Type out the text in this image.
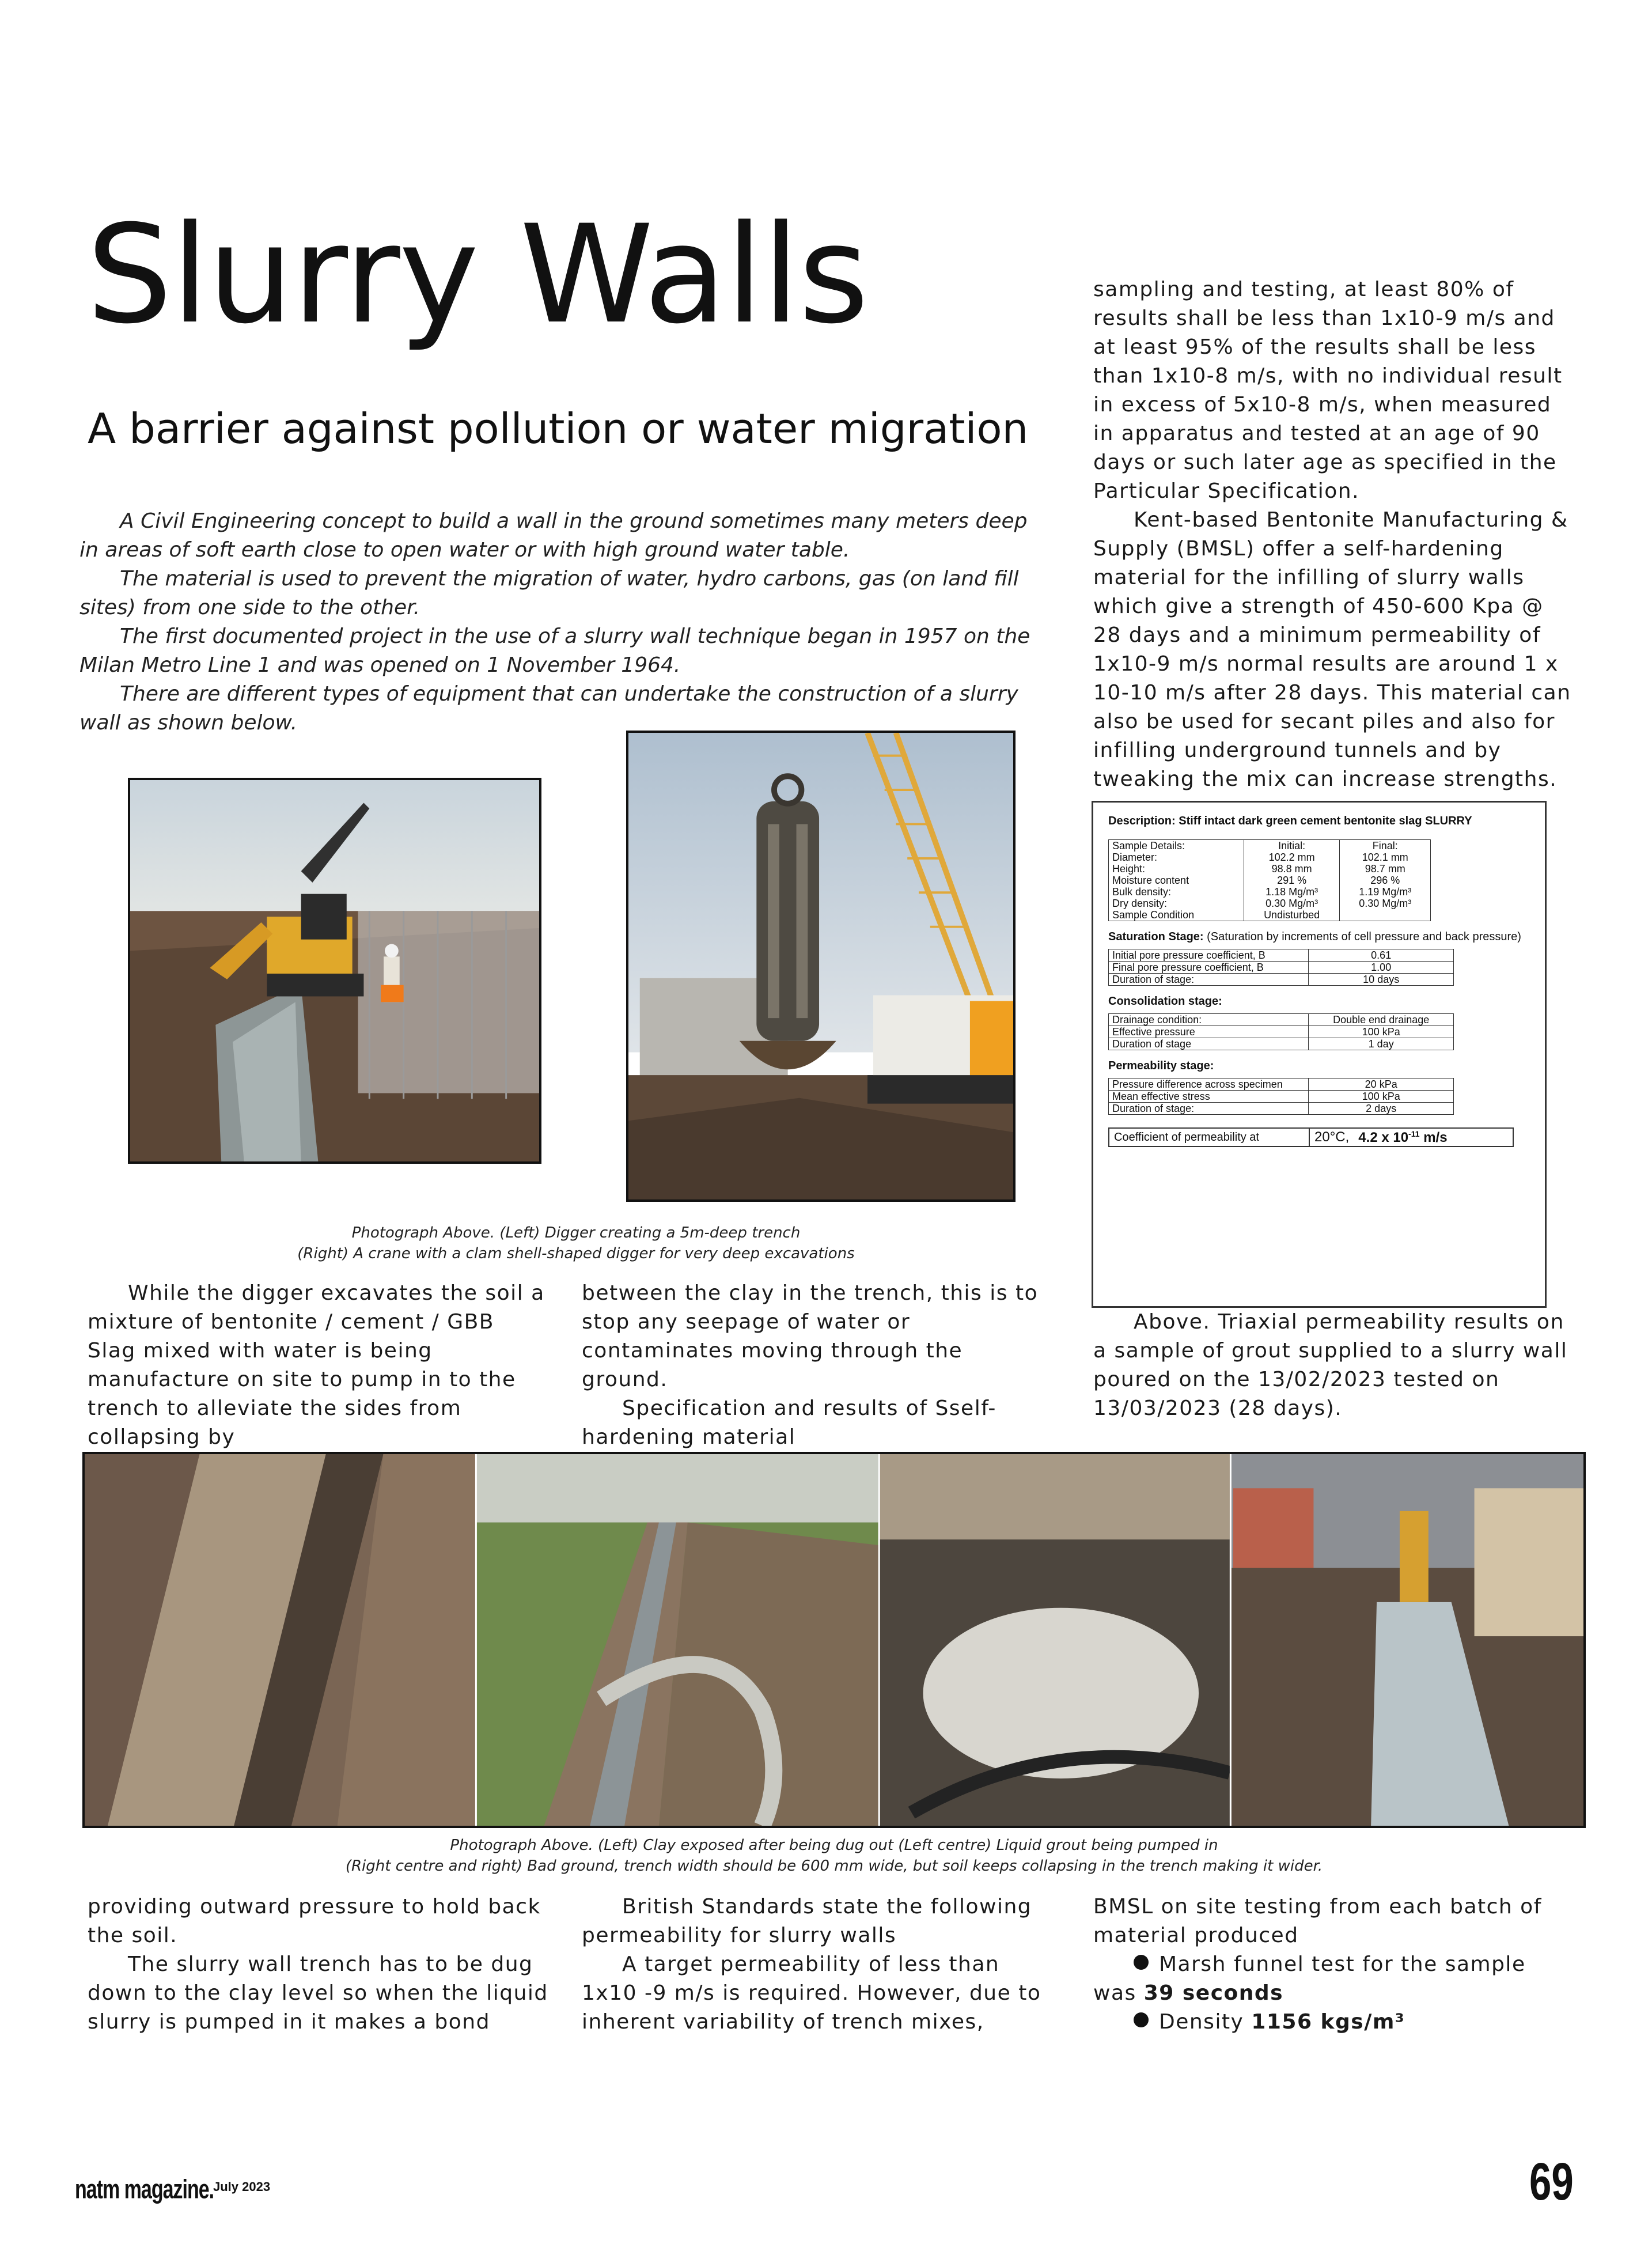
Slurry Walls
A barrier against pollution or water migration

A Civil Engineering concept to build a wall in the ground sometimes many meters deep in areas of soft earth close to open water or with high ground water table.

The material is used to prevent the migration of water, hydro carbons, gas (on land fill sites) from one side to the other.

The first documented project in the use of a slurry wall technique began in 1957 on the Milan Metro Line 1 and was opened on 1 November 1964.

There are different types of equipment that can undertake the construction of a slurry wall as shown below.

sampling and testing, at least 80% of results shall be less than 1x10-9 m/s and at least 95% of the results shall be less than 1x10-8 m/s, with no individual result in excess of 5x10-8 m/s, when measured in apparatus and tested at an age of 90 days or such later age as specified in the Particular Specification.

Kent-based Bentonite Manufacturing & Supply (BMSL) offer a self-hardening material for the infilling of slurry walls which give a strength of 450-600 Kpa @ 28 days and a minimum permeability of 1x10-9 m/s normal results are around 1 x 10-10 m/s after 28 days. This material can also be used for secant piles and also for infilling underground tunnels and by tweaking the mix can increase strengths.

Photograph Above. (Left) Digger creating a 5m-deep trench
(Right) A crane with a clam shell-shaped digger for very deep excavations
Description: Stiff intact dark green cement bentonite slag SLURRY
Sample Details:	Initial:	Final:
Diameter:	102.2 mm	102.1 mm
Height:	98.8 mm	98.7 mm
Moisture content	291 %	296 %
Bulk density:	1.18 Mg/m³	1.19 Mg/m³
Dry density:	0.30 Mg/m³	0.30 Mg/m³
Sample Condition	Undisturbed	
Saturation Stage: (Saturation by increments of cell pressure and back pressure)
Initial pore pressure coefficient, B	0.61
Final pore pressure coefficient, B	1.00
Duration of stage:	10 days
Consolidation stage:
Drainage condition:	Double end drainage
Effective pressure	100 kPa
Duration of stage	1 day
Permeability stage:
Pressure difference across specimen	20 kPa
Mean effective stress	100 kPa
Duration of stage:	2 days
Coefficient of permeability at	20°C, 4.2 x $10^{-11}$ m/s

While the digger excavates the soil a mixture of bentonite / cement / GBB Slag mixed with water is being manufacture on site to pump in to the trench to alleviate the sides from collapsing by

between the clay in the trench, this is to stop any seepage of water or contaminates moving through the ground.

Specification and results of Sself-hardening material

Above. Triaxial permeability results on a sample of grout supplied to a slurry wall poured on the 13/02/2023 tested on 13/03/2023 (28 days).

Photograph Above. (Left) Clay exposed after being dug out (Left centre) Liquid grout being pumped in
(Right centre and right) Bad ground, trench width should be 600 mm wide, but soil keeps collapsing in the trench making it wider.

providing outward pressure to hold back the soil.

The slurry wall trench has to be dug down to the clay level so when the liquid slurry is pumped in it makes a bond

British Standards state the following permeability for slurry walls

A target permeability of less than 1x10 -9 m/s is required. However, due to inherent variability of trench mixes,

BMSL on site testing from each batch of material produced

Marsh funnel test for the sample was 39 seconds

Density 1156 kgs/m³

natm magazine.
July 2023	69
